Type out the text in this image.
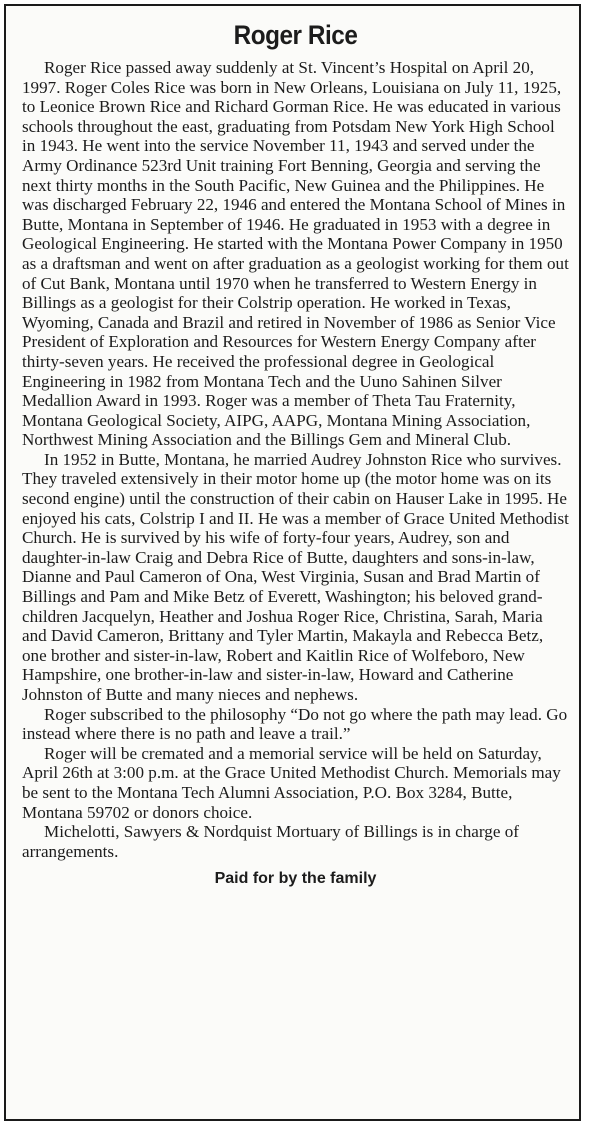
Roger Rice

Roger Rice passed away suddenly at St. Vincent’s Hospital on April 20, 1997. Roger Coles Rice was born in New Orleans, Louisiana on July 11, 1925, to Leonice Brown Rice and Richard Gorman Rice. He was educated in various schools throughout the east, graduating from Potsdam New York High School in 1943. He went into the service November 11, 1943 and served under the Army Ordinance 523rd Unit training Fort Benning, Georgia and serving the next thirty months in the South Pacific, New Guinea and the Philippines. He was discharged February 22, 1946 and entered the Montana School of Mines in Butte, Montana in September of 1946. He graduated in 1953 with a degree in Geological Engineering. He started with the Montana Power Company in 1950 as a draftsman and went on after graduation as a geologist working for them out of Cut Bank, Montana until 1970 when he transferred to Western Energy in Billings as a geologist for their Colstrip operation. He worked in Texas, Wyoming, Canada and Brazil and retired in November of 1986 as Senior Vice President of Exploration and Resources for Western Energy Company after thirty-seven years. He received the professional degree in Geological Engineering in 1982 from Montana Tech and the Uuno Sahinen Silver Medallion Award in 1993. Roger was a member of Theta Tau Fraternity, Montana Geological Society, AIPG, AAPG, Montana Mining Association, Northwest Mining Association and the Billings Gem and Mineral Club.

In 1952 in Butte, Montana, he married Audrey Johnston Rice who survives. They traveled extensively in their motor home up (the motor home was on its second engine) until the construction of their cabin on Hauser Lake in 1995. He enjoyed his cats, Colstrip I and II. He was a member of Grace United Methodist Church. He is survived by his wife of forty-four years, Audrey, son and daughter-in-law Craig and Debra Rice of Butte, daughters and sons-in-law, Dianne and Paul Cameron of Ona, West Virginia, Susan and Brad Martin of Billings and Pam and Mike Betz of Everett, Washington; his beloved grand-children Jacquelyn, Heather and Joshua Roger Rice, Christina, Sarah, Maria and David Cameron, Brittany and Tyler Martin, Makayla and Rebecca Betz, one brother and sister-in-law, Robert and Kaitlin Rice of Wolfeboro, New Hampshire, one brother-in-law and sister-in-law, Howard and Catherine Johnston of Butte and many nieces and nephews.

Roger subscribed to the philosophy “Do not go where the path may lead. Go instead where there is no path and leave a trail.”

Roger will be cremated and a memorial service will be held on Saturday, April 26th at 3:00 p.m. at the Grace United Methodist Church. Memorials may be sent to the Montana Tech Alumni Association, P.O. Box 3284, Butte, Montana 59702 or donors choice.

Michelotti, Sawyers & Nordquist Mortuary of Billings is in charge of arrangements.

Paid for by the family
